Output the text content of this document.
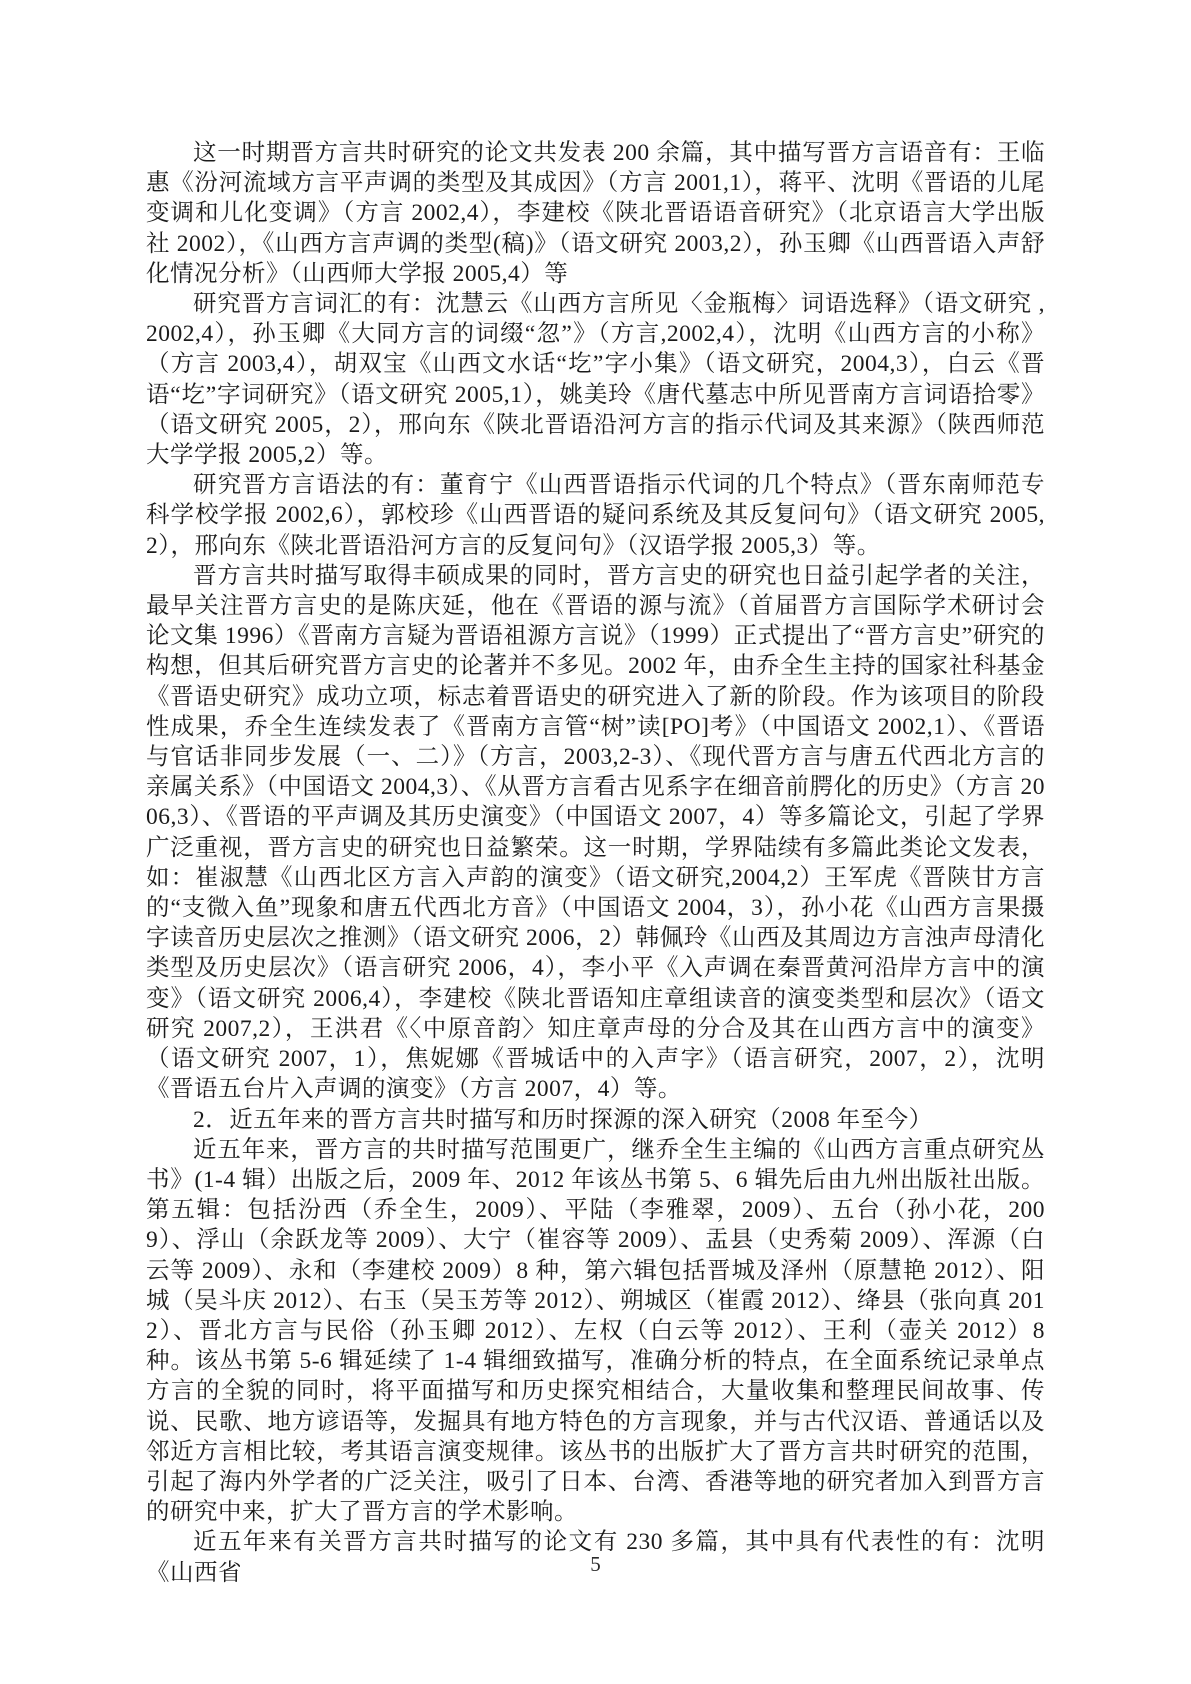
这一时期晋方言共时研究的论文共发表 200 余篇，其中描写晋方言语音有：王临惠《汾河流域方言平声调的类型及其成因》（方言 2001,1），蒋平、沈明《晋语的儿尾变调和儿化变调》（方言 2002,4），李建校《陕北晋语语音研究》（北京语言大学出版社 2002），《山西方言声调的类型(稿)》（语文研究 2003,2），孙玉卿《山西晋语入声舒化情况分析》（山西师大学报 2005,4）等

研究晋方言词汇的有：沈慧云《山西方言所见〈金瓶梅〉词语选释》（语文研究 ,2002,4），孙玉卿《大同方言的词缀“忽”》（方言,2002,4），沈明《山西方言的小称》（方言 2003,4），胡双宝《山西文水话“圪”字小集》（语文研究，2004,3），白云《晋语“圪”字词研究》（语文研究 2005,1），姚美玲《唐代墓志中所见晋南方言词语拾零》（语文研究 2005，2），邢向东《陕北晋语沿河方言的指示代词及其来源》（陕西师范大学学报 2005,2）等。

研究晋方言语法的有：董育宁《山西晋语指示代词的几个特点》（晋东南师范专科学校学报 2002,6），郭校珍《山西晋语的疑问系统及其反复问句》（语文研究 2005,2），邢向东《陕北晋语沿河方言的反复问句》（汉语学报 2005,3）等。

晋方言共时描写取得丰硕成果的同时，晋方言史的研究也日益引起学者的关注，最早关注晋方言史的是陈庆延，他在《晋语的源与流》（首届晋方言国际学术研讨会论文集 1996）《晋南方言疑为晋语祖源方言说》（1999）正式提出了“晋方言史”研究的构想，但其后研究晋方言史的论著并不多见。2002 年，由乔全生主持的国家社科基金《晋语史研究》成功立项，标志着晋语史的研究进入了新的阶段。作为该项目的阶段性成果，乔全生连续发表了《晋南方言管“树”读[PO]考》（中国语文 2002,1）、《晋语与官话非同步发展（一、二）》（方言，2003,2-3）、《现代晋方言与唐五代西北方言的亲属关系》（中国语文 2004,3）、《从晋方言看古见系字在细音前腭化的历史》（方言 2006,3）、《晋语的平声调及其历史演变》（中国语文 2007，4）等多篇论文，引起了学界广泛重视，晋方言史的研究也日益繁荣。这一时期，学界陆续有多篇此类论文发表，如：崔淑慧《山西北区方言入声韵的演变》（语文研究,2004,2）王军虎《晋陕甘方言的“支微入鱼”现象和唐五代西北方音》（中国语文 2004，3），孙小花《山西方言果摄字读音历史层次之推测》（语文研究 2006，2）韩佩玲《山西及其周边方言浊声母清化类型及历史层次》（语言研究 2006，4），李小平《入声调在秦晋黄河沿岸方言中的演变》（语文研究 2006,4），李建校《陕北晋语知庄章组读音的演变类型和层次》（语文研究 2007,2），王洪君《〈中原音韵〉知庄章声母的分合及其在山西方言中的演变》（语文研究 2007，1），焦妮娜《晋城话中的入声字》（语言研究，2007，2），沈明《晋语五台片入声调的演变》（方言 2007，4）等。

2．近五年来的晋方言共时描写和历时探源的深入研究（2008 年至今）

近五年来，晋方言的共时描写范围更广，继乔全生主编的《山西方言重点研究丛书》(1-4 辑）出版之后，2009 年、2012 年该丛书第 5、6 辑先后由九州出版社出版。第五辑：包括汾西（乔全生，2009）、平陆（李雅翠，2009）、五台（孙小花，2009）、浮山（余跃龙等 2009）、大宁（崔容等 2009）、盂县（史秀菊 2009）、浑源（白云等 2009）、永和（李建校 2009）8 种，第六辑包括晋城及泽州（原慧艳 2012）、阳城（吴斗庆 2012）、右玉（吴玉芳等 2012）、朔城区（崔霞 2012）、绛县（张向真 2012）、晋北方言与民俗（孙玉卿 2012）、左权（白云等 2012）、王利（壶关 2012）8 种。该丛书第 5-6 辑延续了 1-4 辑细致描写，准确分析的特点，在全面系统记录单点方言的全貌的同时，将平面描写和历史探究相结合，大量收集和整理民间故事、传说、民歌、地方谚语等，发掘具有地方特色的方言现象，并与古代汉语、普通话以及邻近方言相比较，考其语言演变规律。该丛书的出版扩大了晋方言共时研究的范围，引起了海内外学者的广泛关注，吸引了日本、台湾、香港等地的研究者加入到晋方言的研究中来，扩大了晋方言的学术影响。

近五年来有关晋方言共时描写的论文有 230 多篇，其中具有代表性的有：沈明《山西省	5
